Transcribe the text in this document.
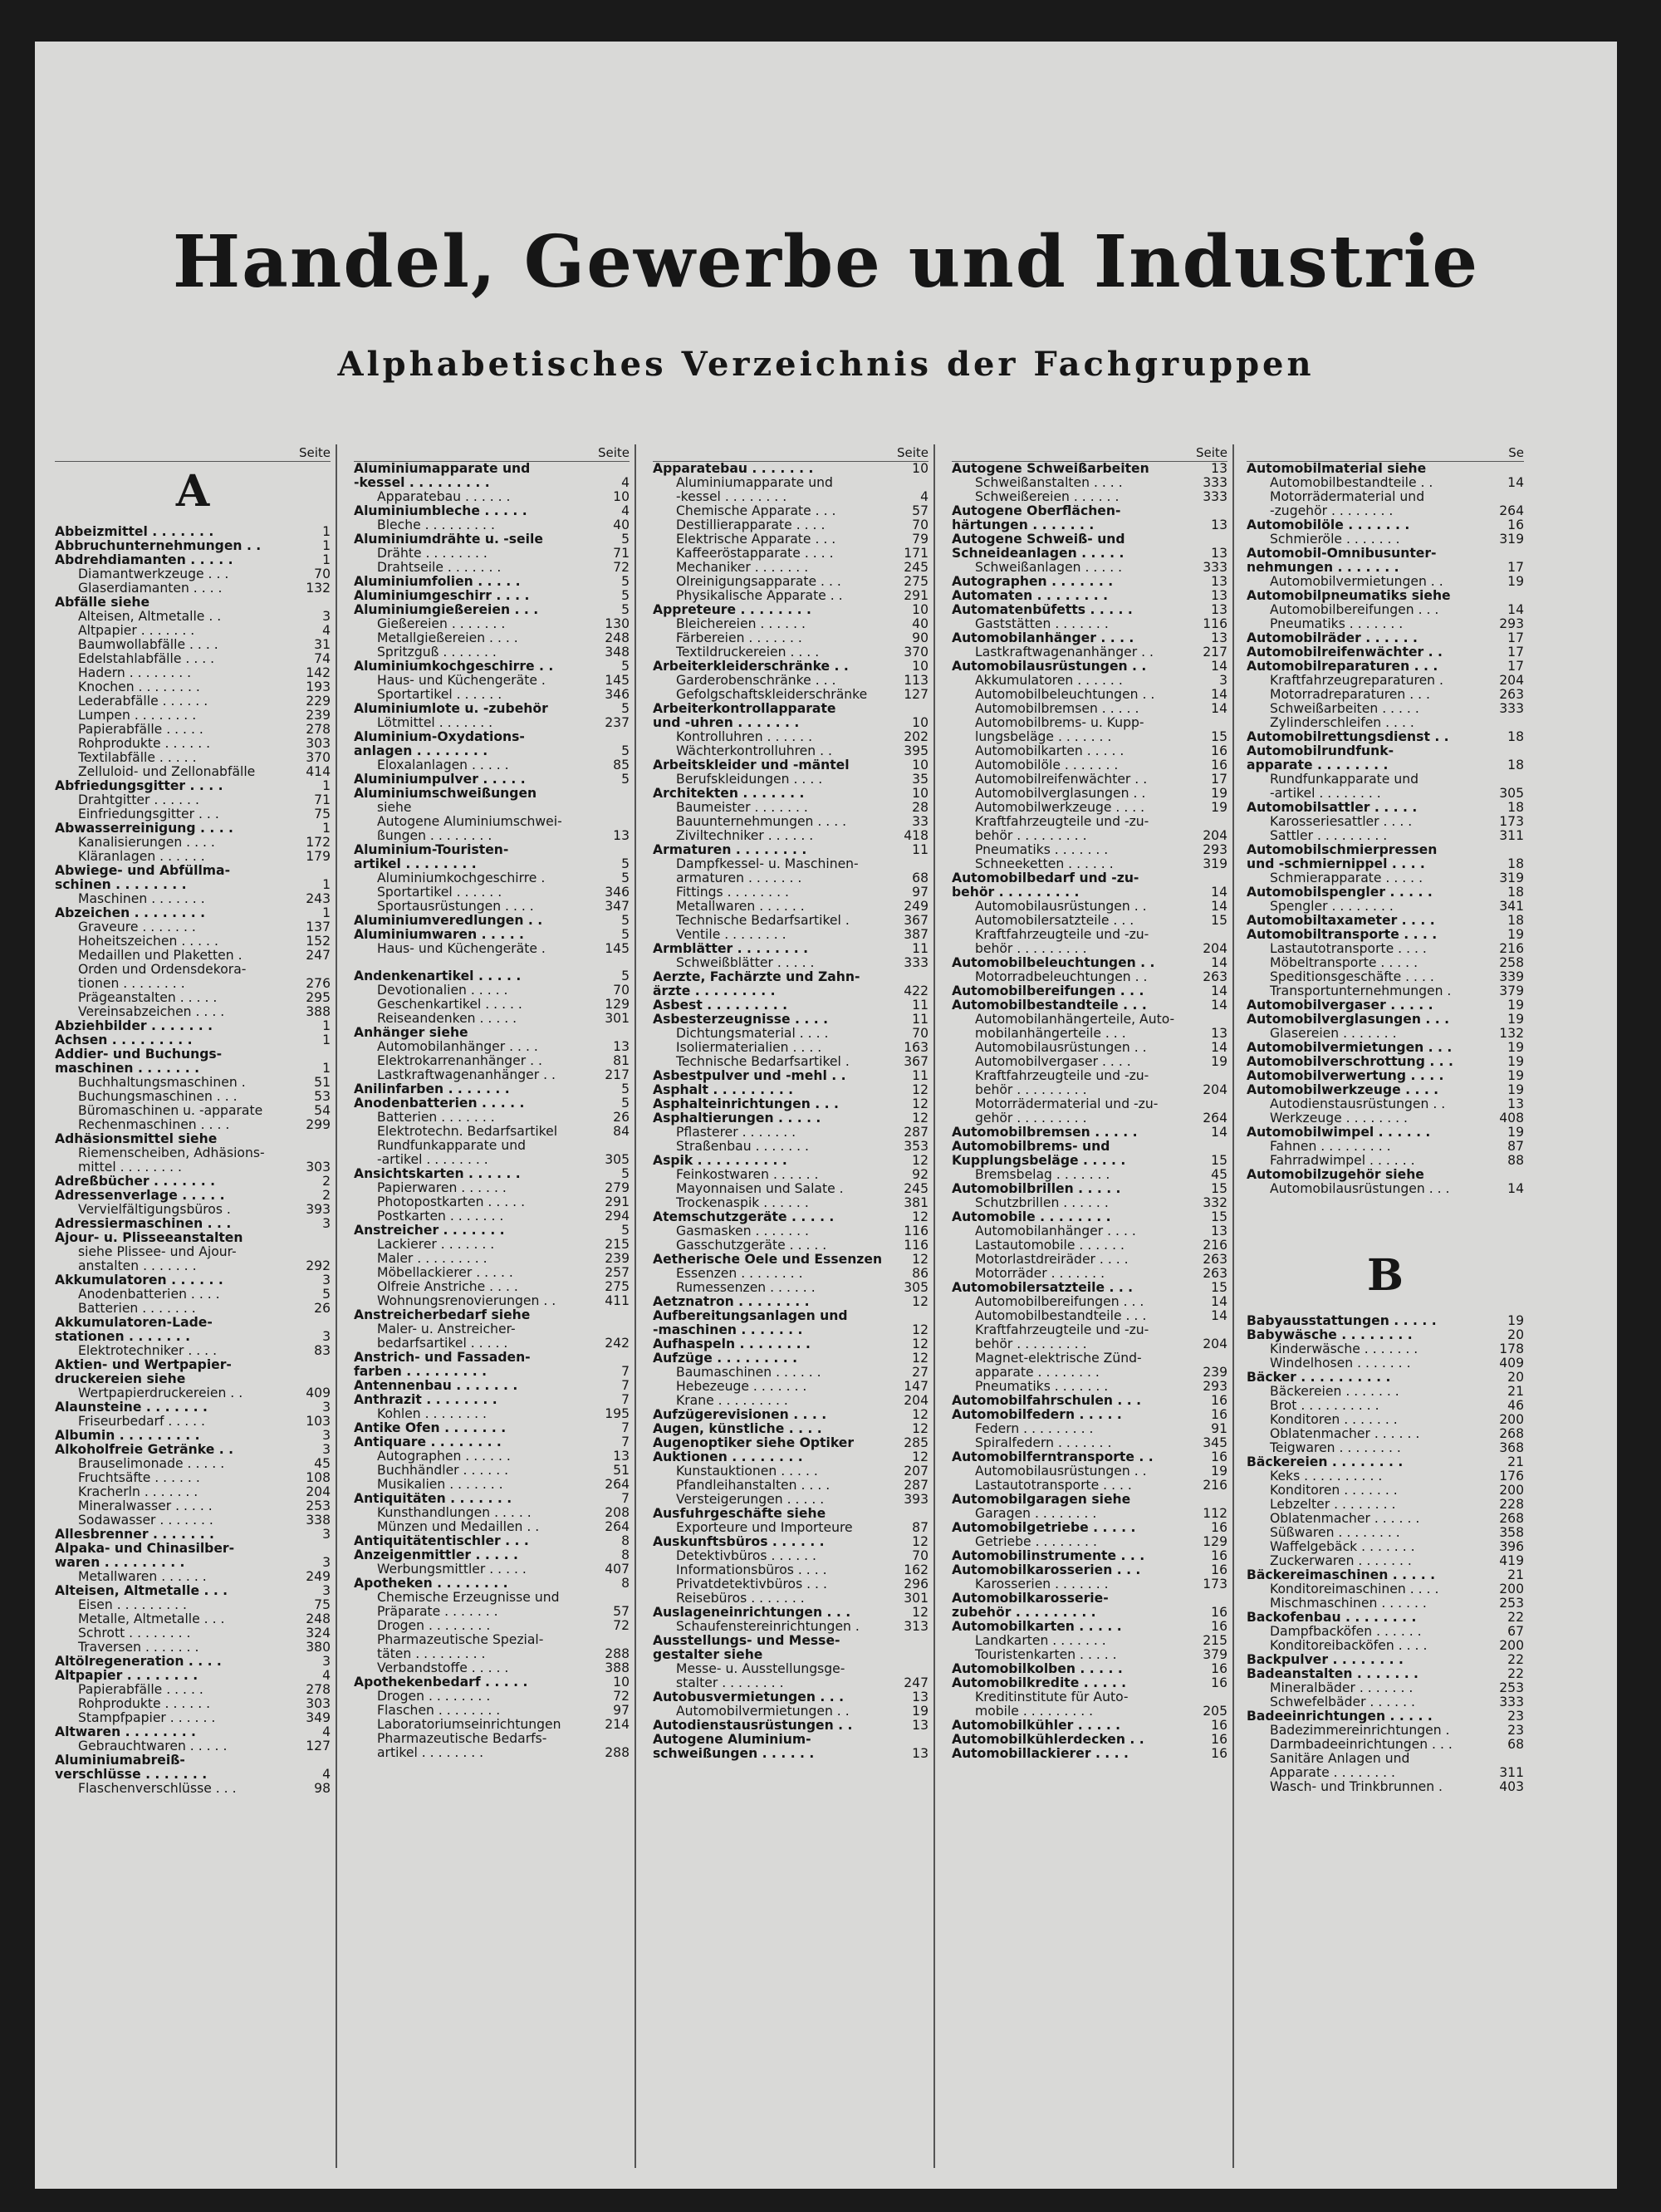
Handel, Gewerbe und Industrie
Alphabetisches Verzeichnis der Fachgruppen
Seite
A
Abbeizmittel . . . . . . .	1
Abbruchunternehmungen . .	1
Abdrehdiamanten . . . . .	1
Diamantwerkzeuge . . .	70
Glaserdiamanten . . . .	132
Abfälle siehe
Alteisen, Altmetalle . .	3
Altpapier . . . . . . .	4
Baumwollabfälle . . . .	31
Edelstahlabfälle . . . .	74
Hadern . . . . . . . .	142
Knochen . . . . . . . .	193
Lederabfälle . . . . . .	229
Lumpen . . . . . . . .	239
Papierabfälle . . . . .	278
Rohprodukte . . . . . .	303
Textilabfälle . . . . .	370
Zelluloid- und Zellonabfälle	414
Abfriedungsgitter . . . .	1
Drahtgitter . . . . . .	71
Einfriedungsgitter . . .	75
Abwasserreinigung . . . .	1
Kanalisierungen . . . .	172
Kläranlagen . . . . . .	179
Abwiege- und Abfüllma-
schinen . . . . . . . .	1
Maschinen . . . . . . .	243
Abzeichen . . . . . . . .	1
Graveure . . . . . . .	137
Hoheitszeichen . . . . .	152
Medaillen und Plaketten .	247
Orden und Ordensdekora-
tionen . . . . . . . .	276
Prägeanstalten . . . . .	295
Vereinsabzeichen . . . .	388
Abziehbilder . . . . . . .	1
Achsen . . . . . . . . .	1
Addier- und Buchungs-
maschinen . . . . . . .	1
Buchhaltungsmaschinen .	51
Buchungsmaschinen . . .	53
Büromaschinen u. -apparate	54
Rechenmaschinen . . . .	299
Adhäsionsmittel siehe
Riemenscheiben, Adhäsions-
mittel . . . . . . . .	303
Adreßbücher . . . . . . .	2
Adressenverlage . . . . .	2
Vervielfältigungsbüros .	393
Adressiermaschinen . . .	3
Ajour- u. Plisseeanstalten
siehe Plissee- und Ajour-
anstalten . . . . . . .	292
Akkumulatoren . . . . . .	3
Anodenbatterien . . . .	5
Batterien . . . . . . .	26
Akkumulatoren-Lade-
stationen . . . . . . .	3
Elektrotechniker . . . .	83
Aktien- und Wertpapier-
druckereien siehe
Wertpapierdruckereien . .	409
Alaunsteine . . . . . . .	3
Friseurbedarf . . . . .	103
Albumin . . . . . . . . .	3
Alkoholfreie Getränke . .	3
Brauselimonade . . . . .	45
Fruchtsäfte . . . . . .	108
Kracherln . . . . . . .	204
Mineralwasser . . . . .	253
Sodawasser . . . . . . .	338
Allesbrenner . . . . . . .	3
Alpaka- und Chinasilber-
waren . . . . . . . . .	3
Metallwaren . . . . . .	249
Alteisen, Altmetalle . . .	3
Eisen . . . . . . . . .	75
Metalle, Altmetalle . . .	248
Schrott . . . . . . . .	324
Traversen . . . . . . .	380
Altölregeneration . . . .	3
Altpapier . . . . . . . .	4
Papierabfälle . . . . .	278
Rohprodukte . . . . . .	303
Stampfpapier . . . . . .	349
Altwaren . . . . . . . .	4
Gebrauchtwaren . . . . .	127
Aluminiumabreiß-
verschlüsse . . . . . . .	4
Flaschenverschlüsse . . .	98
Seite
Aluminiumapparate und
-kessel . . . . . . . . .	4
Apparatebau . . . . . .	10
Aluminiumbleche . . . . .	4
Bleche . . . . . . . . .	40
Aluminiumdrähte u. -seile	5
Drähte . . . . . . . .	71
Drahtseile . . . . . . .	72
Aluminiumfolien . . . . .	5
Aluminiumgeschirr . . . .	5
Aluminiumgießereien . . .	5
Gießereien . . . . . . .	130
Metallgießereien . . . .	248
Spritzguß . . . . . . .	348
Aluminiumkochgeschirre . .	5
Haus- und Küchengeräte .	145
Sportartikel . . . . . .	346
Aluminiumlote u. -zubehör	5
Lötmittel . . . . . . .	237
Aluminium-Oxydations-
anlagen . . . . . . . .	5
Eloxalanlagen . . . . .	85
Aluminiumpulver . . . . .	5
Aluminiumschweißungen
siehe
Autogene Aluminiumschwei-
ßungen . . . . . . . .	13
Aluminium-Touristen-
artikel . . . . . . . .	5
Aluminiumkochgeschirre .	5
Sportartikel . . . . . .	346
Sportausrüstungen . . . .	347
Aluminiumveredlungen . .	5
Aluminiumwaren . . . . .	5
Haus- und Küchengeräte .	145
Andenkenartikel . . . . .	5
Devotionalien . . . . .	70
Geschenkartikel . . . . .	129
Reiseandenken . . . . .	301
Anhänger siehe
Automobilanhänger . . . .	13
Elektrokarrenanhänger . .	81
Lastkraftwagenanhänger . .	217
Anilinfarben . . . . . . .	5
Anodenbatterien . . . . .	5
Batterien . . . . . . .	26
Elektrotechn. Bedarfsartikel	84
Rundfunkapparate und
-artikel . . . . . . . .	305
Ansichtskarten . . . . . .	5
Papierwaren . . . . . .	279
Photopostkarten . . . . .	291
Postkarten . . . . . . .	294
Anstreicher . . . . . . .	5
Lackierer . . . . . . .	215
Maler . . . . . . . . .	239
Möbellackierer . . . . .	257
Ölfreie Anstriche . . . .	275
Wohnungsrenovierungen . .	411
Anstreicherbedarf siehe
Maler- u. Anstreicher-
bedarfsartikel . . . . .	242
Anstrich- und Fassaden-
farben . . . . . . . . .	7
Antennenbau . . . . . . .	7
Anthrazit . . . . . . . .	7
Kohlen . . . . . . . .	195
Antike Öfen . . . . . . .	7
Antiquare . . . . . . . .	7
Autographen . . . . . .	13
Buchhändler . . . . . .	51
Musikalien . . . . . . .	264
Antiquitäten . . . . . . .	7
Kunsthandlungen . . . . .	208
Münzen und Medaillen . .	264
Antiquitätentischler . . .	8
Anzeigenmittler . . . . .	8
Werbungsmittler . . . . .	407
Apotheken . . . . . . . .	8
Chemische Erzeugnisse und
Präparate . . . . . . .	57
Drogen . . . . . . . .	72
Pharmazeutische Spezial-
täten . . . . . . . . .	288
Verbandstoffe . . . . .	388
Apothekenbedarf . . . . .	10
Drogen . . . . . . . .	72
Flaschen . . . . . . . .	97
Laboratoriumseinrichtungen	214
Pharmazeutische Bedarfs-
artikel . . . . . . . .	288
Seite
Apparatebau . . . . . . .	10
Aluminiumapparate und
-kessel . . . . . . . .	4
Chemische Apparate . . .	57
Destillierapparate . . . .	70
Elektrische Apparate . . .	79
Kaffeeröstapparate . . . .	171
Mechaniker . . . . . . .	245
Ölreinigungsapparate . . .	275
Physikalische Apparate . .	291
Appreteure . . . . . . . .	10
Bleichereien . . . . . .	40
Färbereien . . . . . . .	90
Textildruckereien . . . .	370
Arbeiterkleiderschränke . .	10
Garderobenschränke . . .	113
Gefolgschaftskleiderschränke	127
Arbeiterkontrollapparate
und -uhren . . . . . . .	10
Kontrolluhren . . . . . .	202
Wächterkontrolluhren . .	395
Arbeitskleider und -mäntel	10
Berufskleidungen . . . .	35
Architekten . . . . . . .	10
Baumeister . . . . . . .	28
Bauunternehmungen . . . .	33
Ziviltechniker . . . . . .	418
Armaturen . . . . . . . .	11
Dampfkessel- u. Maschinen-
armaturen . . . . . . .	68
Fittings . . . . . . . .	97
Metallwaren . . . . . .	249
Technische Bedarfsartikel .	367
Ventile . . . . . . . .	387
Armblätter . . . . . . . .	11
Schweißblätter . . . . .	333
Aerzte, Fachärzte und Zahn-
ärzte . . . . . . . . .	422
Asbest . . . . . . . . .	11
Asbesterzeugnisse . . . .	11
Dichtungsmaterial . . . .	70
Isoliermaterialien . . . .	163
Technische Bedarfsartikel .	367
Asbestpulver und -mehl . .	11
Asphalt . . . . . . . . .	12
Asphalteinrichtungen . . .	12
Asphaltierungen . . . . .	12
Pflasterer . . . . . . .	287
Straßenbau . . . . . . .	353
Aspik . . . . . . . . . .	12
Feinkostwaren . . . . . .	92
Mayonnaisen und Salate .	245
Trockenaspik . . . . . .	381
Atemschutzgeräte . . . . .	12
Gasmasken . . . . . . .	116
Gasschutzgeräte . . . . .	116
Aetherische Oele und Essenzen	12
Essenzen . . . . . . . .	86
Rumessenzen . . . . . .	305
Aetznatron . . . . . . . .	12
Aufbereitungsanlagen und
-maschinen . . . . . . .	12
Aufhaspeln . . . . . . . .	12
Aufzüge . . . . . . . . .	12
Baumaschinen . . . . . .	27
Hebezeuge . . . . . . .	147
Krane . . . . . . . . .	204
Aufzügerevisionen . . . .	12
Augen, künstliche . . . .	12
Augenoptiker siehe Optiker	285
Auktionen . . . . . . . .	12
Kunstauktionen . . . . .	207
Pfandleihanstalten . . . .	287
Versteigerungen . . . . .	393
Ausfuhrgeschäfte siehe
Exporteure und Importeure	87
Auskunftsbüros . . . . . .	12
Detektivbüros . . . . . .	70
Informationsbüros . . . .	162
Privatdetektivbüros . . .	296
Reisebüros . . . . . . .	301
Auslageneinrichtungen . . .	12
Schaufenstereinrichtungen .	313
Ausstellungs- und Messe-
gestalter siehe
Messe- u. Ausstellungsge-
stalter . . . . . . . .	247
Autobusvermietungen . . .	13
Automobilvermietungen . .	19
Autodienstausrüstungen . .	13
Autogene Aluminium-
schweißungen . . . . . .	13
Seite
Autogene Schweißarbeiten	13
Schweißanstalten . . . .	333
Schweißereien . . . . . .	333
Autogene Oberflächen-
härtungen . . . . . . .	13
Autogene Schweiß- und
Schneideanlagen . . . . .	13
Schweißanlagen . . . . .	333
Autographen . . . . . . .	13
Automaten . . . . . . . .	13
Automatenbüfetts . . . . .	13
Gaststätten . . . . . . .	116
Automobilanhänger . . . .	13
Lastkraftwagenanhänger . .	217
Automobilausrüstungen . .	14
Akkumulatoren . . . . . .	3
Automobilbeleuchtungen . .	14
Automobilbremsen . . . . .	14
Automobilbrems- u. Kupp-
lungsbeläge . . . . . . .	15
Automobilkarten . . . . .	16
Automobilöle . . . . . . .	16
Automobilreifenwächter . .	17
Automobilverglasungen . .	19
Automobilwerkzeuge . . . .	19
Kraftfahrzeugteile und -zu-
behör . . . . . . . . .	204
Pneumatiks . . . . . . .	293
Schneeketten . . . . . .	319
Automobilbedarf und -zu-
behör . . . . . . . . .	14
Automobilausrüstungen . .	14
Automobilersatzteile . . .	15
Kraftfahrzeugteile und -zu-
behör . . . . . . . . .	204
Automobilbeleuchtungen . .	14
Motorradbeleuchtungen . .	263
Automobilbereifungen . . .	14
Automobilbestandteile . . .	14
Automobilanhängerteile, Auto-
mobilanhängerteile . . .	13
Automobilausrüstungen . .	14
Automobilvergaser . . . .	19
Kraftfahrzeugteile und -zu-
behör . . . . . . . . .	204
Motorrädermaterial und -zu-
gehör . . . . . . . . .	264
Automobilbremsen . . . . .	14
Automobilbrems- und
Kupplungsbeläge . . . . .	15
Bremsbelag . . . . . . .	45
Automobilbrillen . . . . .	15
Schutzbrillen . . . . . .	332
Automobile . . . . . . . .	15
Automobilanhänger . . . .	13
Lastautomobile . . . . . .	216
Motorlastdreiräder . . . .	263
Motorräder . . . . . . .	263
Automobilersatzteile . . .	15
Automobilbereifungen . . .	14
Automobilbestandteile . . .	14
Kraftfahrzeugteile und -zu-
behör . . . . . . . . .	204
Magnet-elektrische Zünd-
apparate . . . . . . . .	239
Pneumatiks . . . . . . .	293
Automobilfahrschulen . . .	16
Automobilfedern . . . . .	16
Federn . . . . . . . . .	91
Spiralfedern . . . . . . .	345
Automobilferntransporte . .	16
Automobilausrüstungen . .	19
Lastautotransporte . . . .	216
Automobilgaragen siehe
Garagen . . . . . . . .	112
Automobilgetriebe . . . . .	16
Getriebe . . . . . . . .	129
Automobilinstrumente . . .	16
Automobilkarosserien . . .	16
Karosserien . . . . . . .	173
Automobilkarosserie-
zubehör . . . . . . . . .	16
Automobilkarten . . . . .	16
Landkarten . . . . . . .	215
Touristenkarten . . . . .	379
Automobilkolben . . . . .	16
Automobilkredite . . . . .	16
Kreditinstitute für Auto-
mobile . . . . . . . . .	205
Automobilkühler . . . . .	16
Automobilkühlerdecken . .	16
Automobillackierer . . . .	16
Se
Automobilmaterial siehe
Automobilbestandteile . .	14
Motorrädermaterial und
-zugehör . . . . . . . .	264
Automobilöle . . . . . . .	16
Schmieröle . . . . . . .	319
Automobil-Omnibusunter-
nehmungen . . . . . . .	17
Automobilvermietungen . .	19
Automobilpneumatiks siehe
Automobilbereifungen . . .	14
Pneumatiks . . . . . . .	293
Automobilräder . . . . . .	17
Automobilreifenwächter . .	17
Automobilreparaturen . . .	17
Kraftfahrzeugreparaturen .	204
Motorradreparaturen . . .	263
Schweißarbeiten . . . . .	333
Zylinderschleifen . . . .
Automobilrettungsdienst . .	18
Automobilrundfunk-
apparate . . . . . . . .	18
Rundfunkapparate und
-artikel . . . . . . . .	305
Automobilsattler . . . . .	18
Karosseriesattler . . . .	173
Sattler . . . . . . . . .	311
Automobilschmierpressen
und -schmiernippel . . . .	18
Schmierapparate . . . . .	319
Automobilspengler . . . . .	18
Spengler . . . . . . . .	341
Automobiltaxameter . . . .	18
Automobiltransporte . . . .	19
Lastautotransporte . . . .	216
Möbeltransporte . . . . .	258
Speditionsgeschäfte . . . .	339
Transportunternehmungen .	379
Automobilvergaser . . . . .	19
Automobilverglasungen . . .	19
Glasereien . . . . . . .	132
Automobilvermietungen . . .	19
Automobilverschrottung . . .	19
Automobilverwertung . . . .	19
Automobilwerkzeuge . . . .	19
Autodienstausrüstungen . .	13
Werkzeuge . . . . . . . .	408
Automobilwimpel . . . . . .	19
Fahnen . . . . . . . . .	87
Fahrradwimpel . . . . . .	88
Automobilzugehör siehe
Automobilausrüstungen . . .	14
B
Babyausstattungen . . . . .	19
Babywäsche . . . . . . . .	20
Kinderwäsche . . . . . . .	178
Windelhosen . . . . . . .	409
Bäcker . . . . . . . . . .	20
Bäckereien . . . . . . .	21
Brot . . . . . . . . . .	46
Konditoren . . . . . . .	200
Oblatenmacher . . . . . .	268
Teigwaren . . . . . . . .	368
Bäckereien . . . . . . . .	21
Keks . . . . . . . . . .	176
Konditoren . . . . . . .	200
Lebzelter . . . . . . . .	228
Oblatenmacher . . . . . .	268
Süßwaren . . . . . . . .	358
Waffelgebäck . . . . . . .	396
Zuckerwaren . . . . . . .	419
Bäckereimaschinen . . . . .	21
Konditoreimaschinen . . . .	200
Mischmaschinen . . . . . .	253
Backofenbau . . . . . . . .	22
Dampfbacköfen . . . . . .	67
Konditoreibacköfen . . . .	200
Backpulver . . . . . . . .	22
Badeanstalten . . . . . . .	22
Mineralbäder . . . . . . .	253
Schwefelbäder . . . . . .	333
Badeeinrichtungen . . . . .	23
Badezimmereinrichtungen .	23
Darmbadeeinrichtungen . . .	68
Sanitäre Anlagen und
Apparate . . . . . . . .	311
Wasch- und Trinkbrunnen .	403
